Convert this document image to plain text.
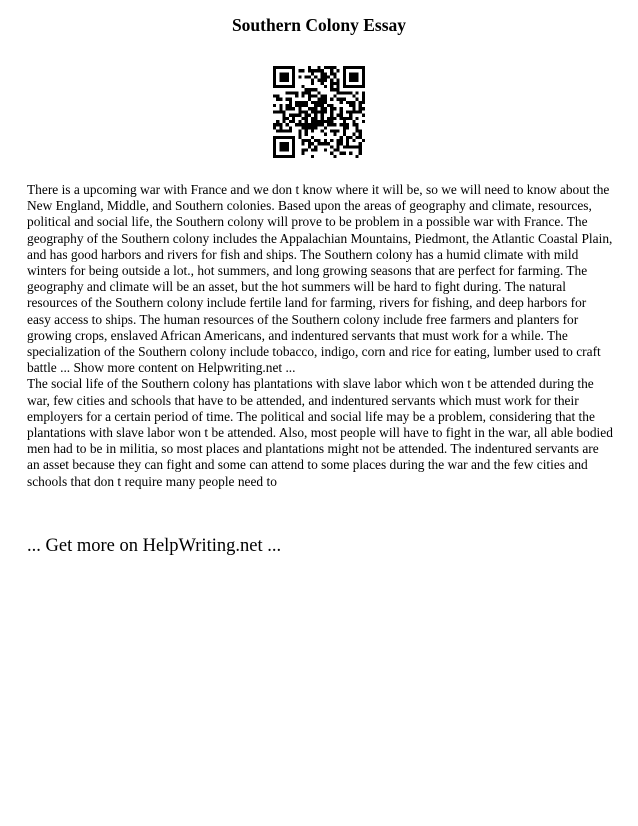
Southern Colony Essay

There is a upcoming war with France and we don t know where it will be, so we will need to know about the New England, Middle, and Southern colonies. Based upon the areas of geography and climate, resources, political and social life, the Southern colony will prove to be problem in a possible war with France. The geography of the Southern colony includes the Appalachian Mountains, Piedmont, the Atlantic Coastal Plain, and has good harbors and rivers for fish and ships. The Southern colony has a humid climate with mild winters for being outside a lot., hot summers, and long growing seasons that are perfect for farming. The geography and climate will be an asset, but the hot summers will be hard to fight during. The natural resources of the Southern colony include fertile land for farming, rivers for fishing, and deep harbors for easy access to ships. The human resources of the Southern colony include free farmers and planters for growing crops, enslaved African Americans, and indentured servants that must work for a while. The specialization of the Southern colony include tobacco, indigo, corn and rice for eating, lumber used to craft battle ... Show more content on Helpwriting.net ...

The social life of the Southern colony has plantations with slave labor which won t be attended during the war, few cities and schools that have to be attended, and indentured servants which must work for their employers for a certain period of time. The political and social life may be a problem, considering that the plantations with slave labor won t be attended. Also, most people will have to fight in the war, all able bodied men had to be in militia, so most places and plantations might not be attended. The indentured servants are an asset because they can fight and some can attend to some places during the war and the few cities and schools that don t require many people need to

... Get more on HelpWriting.net ...
